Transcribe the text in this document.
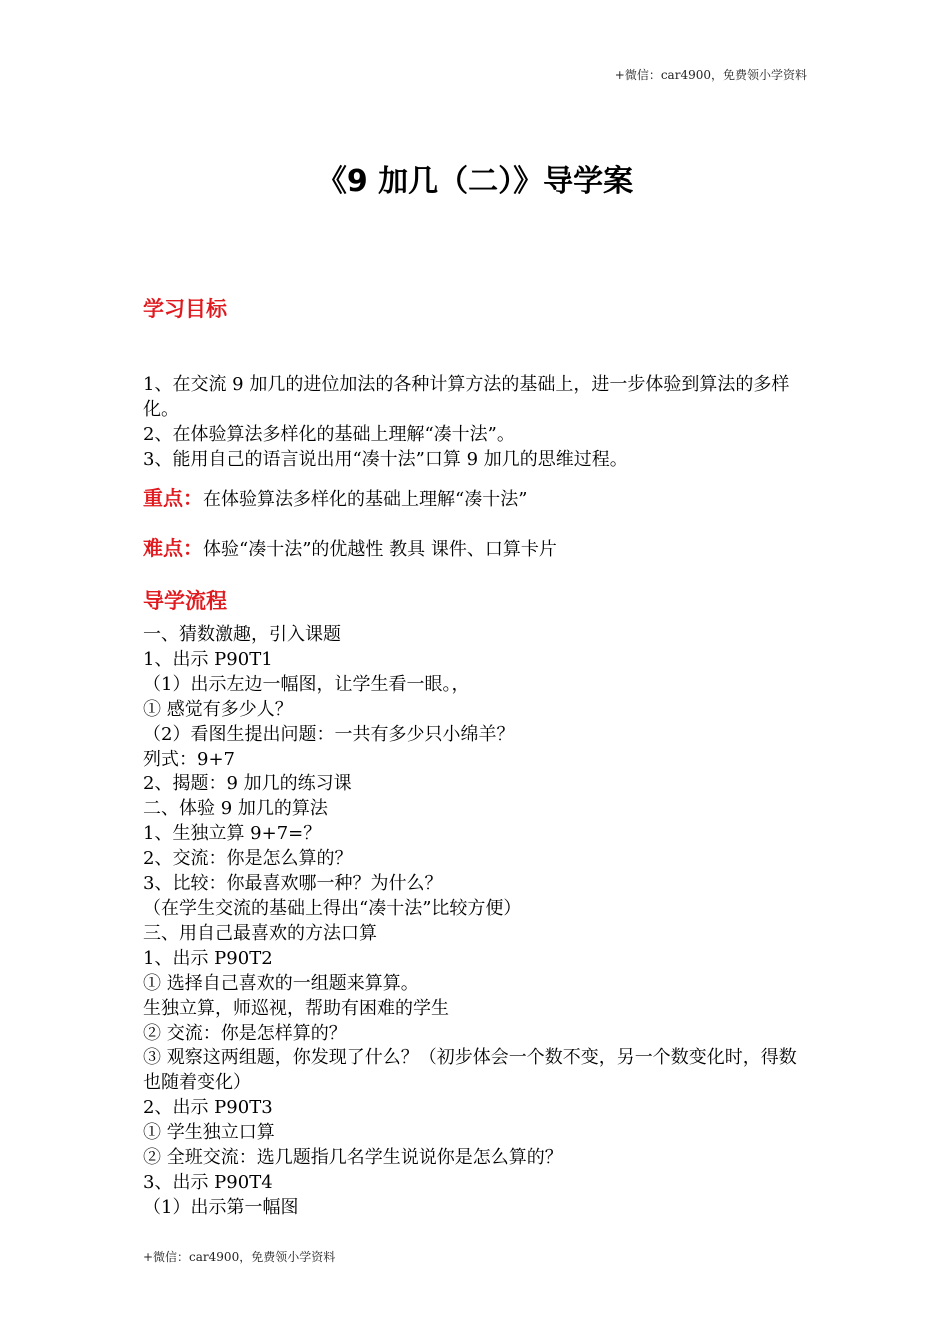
+微信：car4900，免费领小学资料
《9 加几（二）》导学案
学习目标

1、在交流 9 加几的进位加法的各种计算方法的基础上，进一步体验到算法的多样化。

2、在体验算法多样化的基础上理解“凑十法”。

3、能用自己的语言说出用“凑十法”口算 9 加几的思维过程。

重点：在体验算法多样化的基础上理解“凑十法”
难点：体验“凑十法”的优越性 教具 课件、口算卡片
导学流程

一、猜数激趣，引入课题

1、出示 P90T1

（1）出示左边一幅图，让学生看一眼。，

① 感觉有多少人？

（2）看图生提出问题：一共有多少只小绵羊？

列式：9+7

2、揭题：9 加几的练习课

二、体验 9 加几的算法

1、生独立算 9+7=？

2、交流：你是怎么算的？

3、比较：你最喜欢哪一种？为什么？

（在学生交流的基础上得出“凑十法”比较方便）

三、用自己最喜欢的方法口算

1、出示 P90T2

① 选择自己喜欢的一组题来算算。

生独立算，师巡视，帮助有困难的学生

② 交流：你是怎样算的？

③ 观察这两组题，你发现了什么？（初步体会一个数不变，另一个数变化时，得数也随着变化）

2、出示 P90T3

① 学生独立口算

② 全班交流：选几题指几名学生说说你是怎么算的？

3、出示 P90T4

（1）出示第一幅图

+微信：car4900，免费领小学资料
